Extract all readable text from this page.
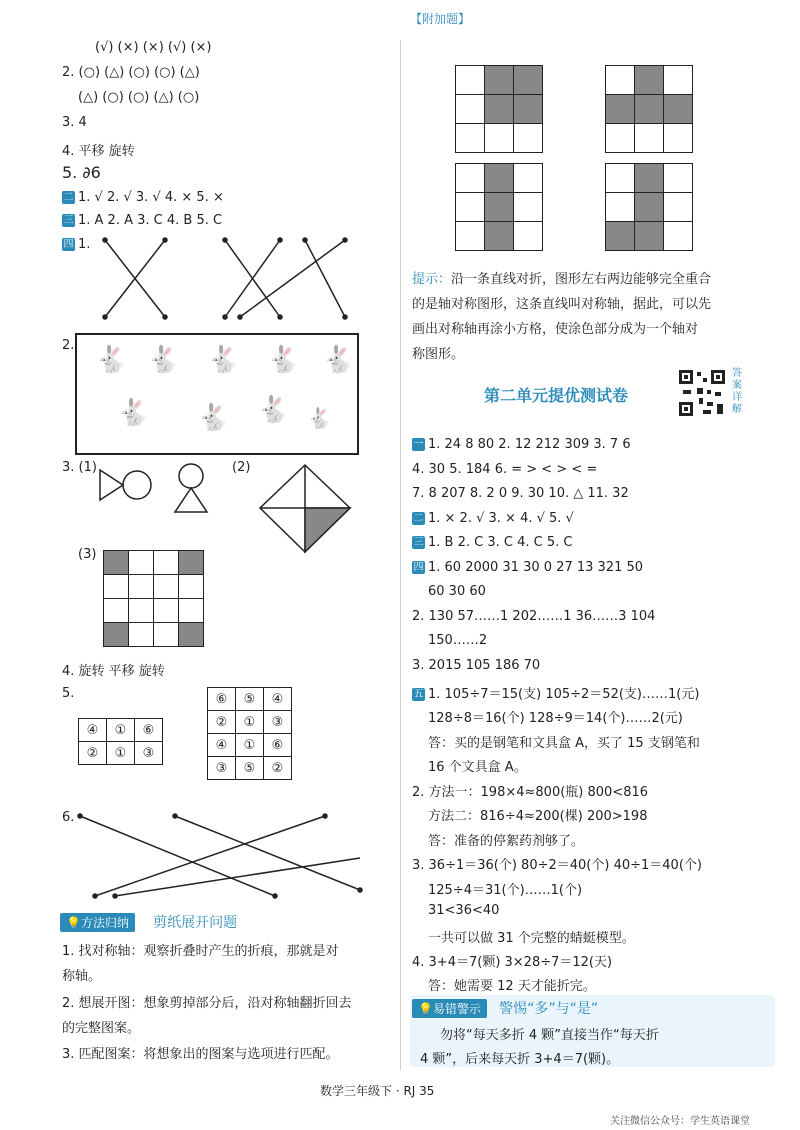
(√) (×) (×) (√) (×)
2. (○) (△) (○) (○) (△)
(△) (○) (○) (△) (○)
3. 4
4. 平移 旋转
5. ∂6
二 1. √ 2. √ 3. √ 4. × 5. ×
三 1. A 2. A 3. C 4. B 5. C
四 1.
2. 🐇 🐇 🐇 🐇 🐇
🐇 🐇 🐇 🐇
3. (1)	(2)
(3)

4. 旋转 平移 旋转
5.
④	①	⑥
②	①	③
⑥	⑤	④
②	①	③
④	①	⑥
③	⑤	②
6.
💡方法归纳 剪纸展开问题
1. 找对称轴：观察折叠时产生的折痕，那就是对
称轴。
2. 想展开图：想象剪掉部分后，沿对称轴翻折回去
的完整图案。
3. 匹配图案：将想象出的图案与选项进行匹配。
【附加题】

提示：沿一条直线对折，图形左右两边能够完全重合
的是轴对称图形，这条直线叫对称轴，据此，可以先
画出对称轴再涂小方格，使涂色部分成为一个轴对
称图形。
第二单元提优测试卷
答案详解
一 1. 24 8 80 2. 12 212 309 3. 7 6
4. 30 5. 184 6. = > < > < =
7. 8 207 8. 2 0 9. 30 10. △ 11. 32
二 1. × 2. √ 3. × 4. √ 5. √
三 1. B 2. C 3. C 4. C 5. C
四 1. 60 2000 31 30 0 27 13 321 50
60 30 60
2. 130 57……1 202……1 36……3 104
150……2
3. 2015 105 186 70
五 1. 105÷7＝15(支) 105÷2＝52(支)……1(元)
128÷8＝16(个) 128÷9＝14(个)……2(元)
答：买的是钢笔和文具盒 A，买了 15 支钢笔和
16 个文具盒 A。
2. 方法一：198×4≈800(瓶) 800<816
方法二：816÷4≈200(棵) 200>198
答：准备的停絮药剂够了。
3. 36÷1＝36(个) 80÷2＝40(个) 40÷1＝40(个)
125÷4＝31(个)……1(个)
31<36<40
一共可以做 31 个完整的蜻蜓模型。
4. 3+4＝7(颗) 3×28÷7＝12(天)
答：她需要 12 天才能折完。
💡易错警示 警惕“多”与“是”
勿将“每天多折 4 颗”直接当作“每天折
4 颗”，后来每天折 3+4＝7(颗)。
数学三年级下 · RJ 35
关注微信公众号：学生英语课堂
